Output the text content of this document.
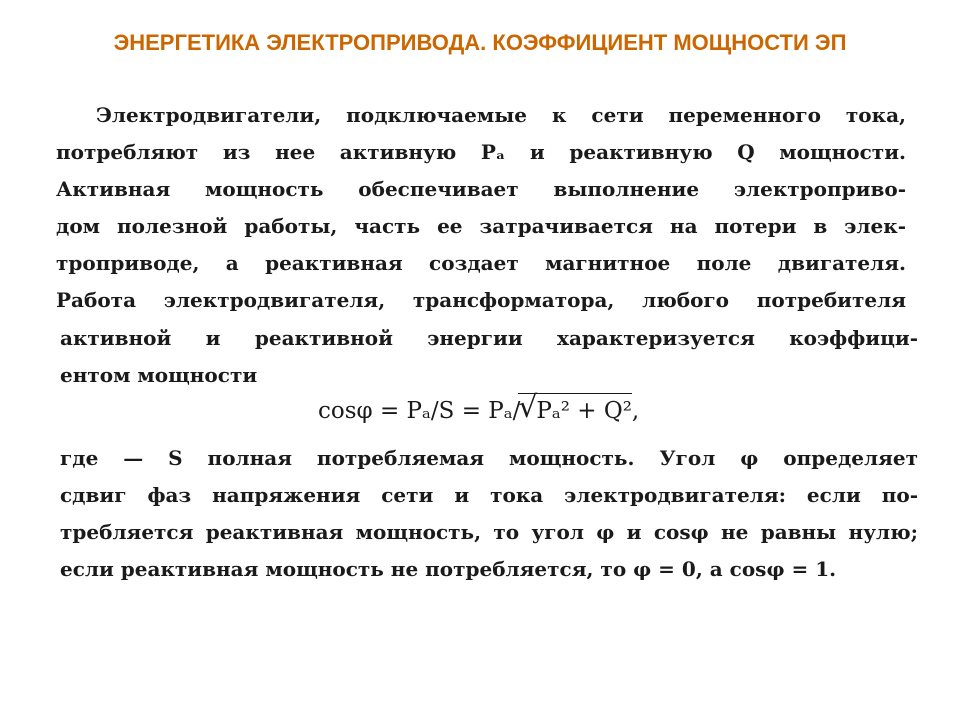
ЭНЕРГЕТИКА ЭЛЕКТРОПРИВОДА. КОЭФФИЦИЕНТ МОЩНОСТИ ЭП
Электродвигатели, подключаемые к сети переменного тока,
потребляют из нее активную Pₐ и реактивную Q мощности.
Активная мощность обеспечивает выполнение электроприво-
дом полезной работы, часть ее затрачивается на потери в элек-
троприводе, а реактивная создает магнитное поле двигателя.
Работа электродвигателя, трансформатора, любого потребителя
активной и реактивной энергии характеризуется коэффици-
ентом мощности
cosφ = Pₐ/S = Pₐ/
√
Pₐ² + Q²,
где — S полная потребляемая мощность. Угол φ определяет
сдвиг фаз напряжения сети и тока электродвигателя: если по-
требляется реактивная мощность, то угол φ и cosφ не равны нулю;
если реактивная мощность не потребляется, то φ = 0, а cosφ = 1.
